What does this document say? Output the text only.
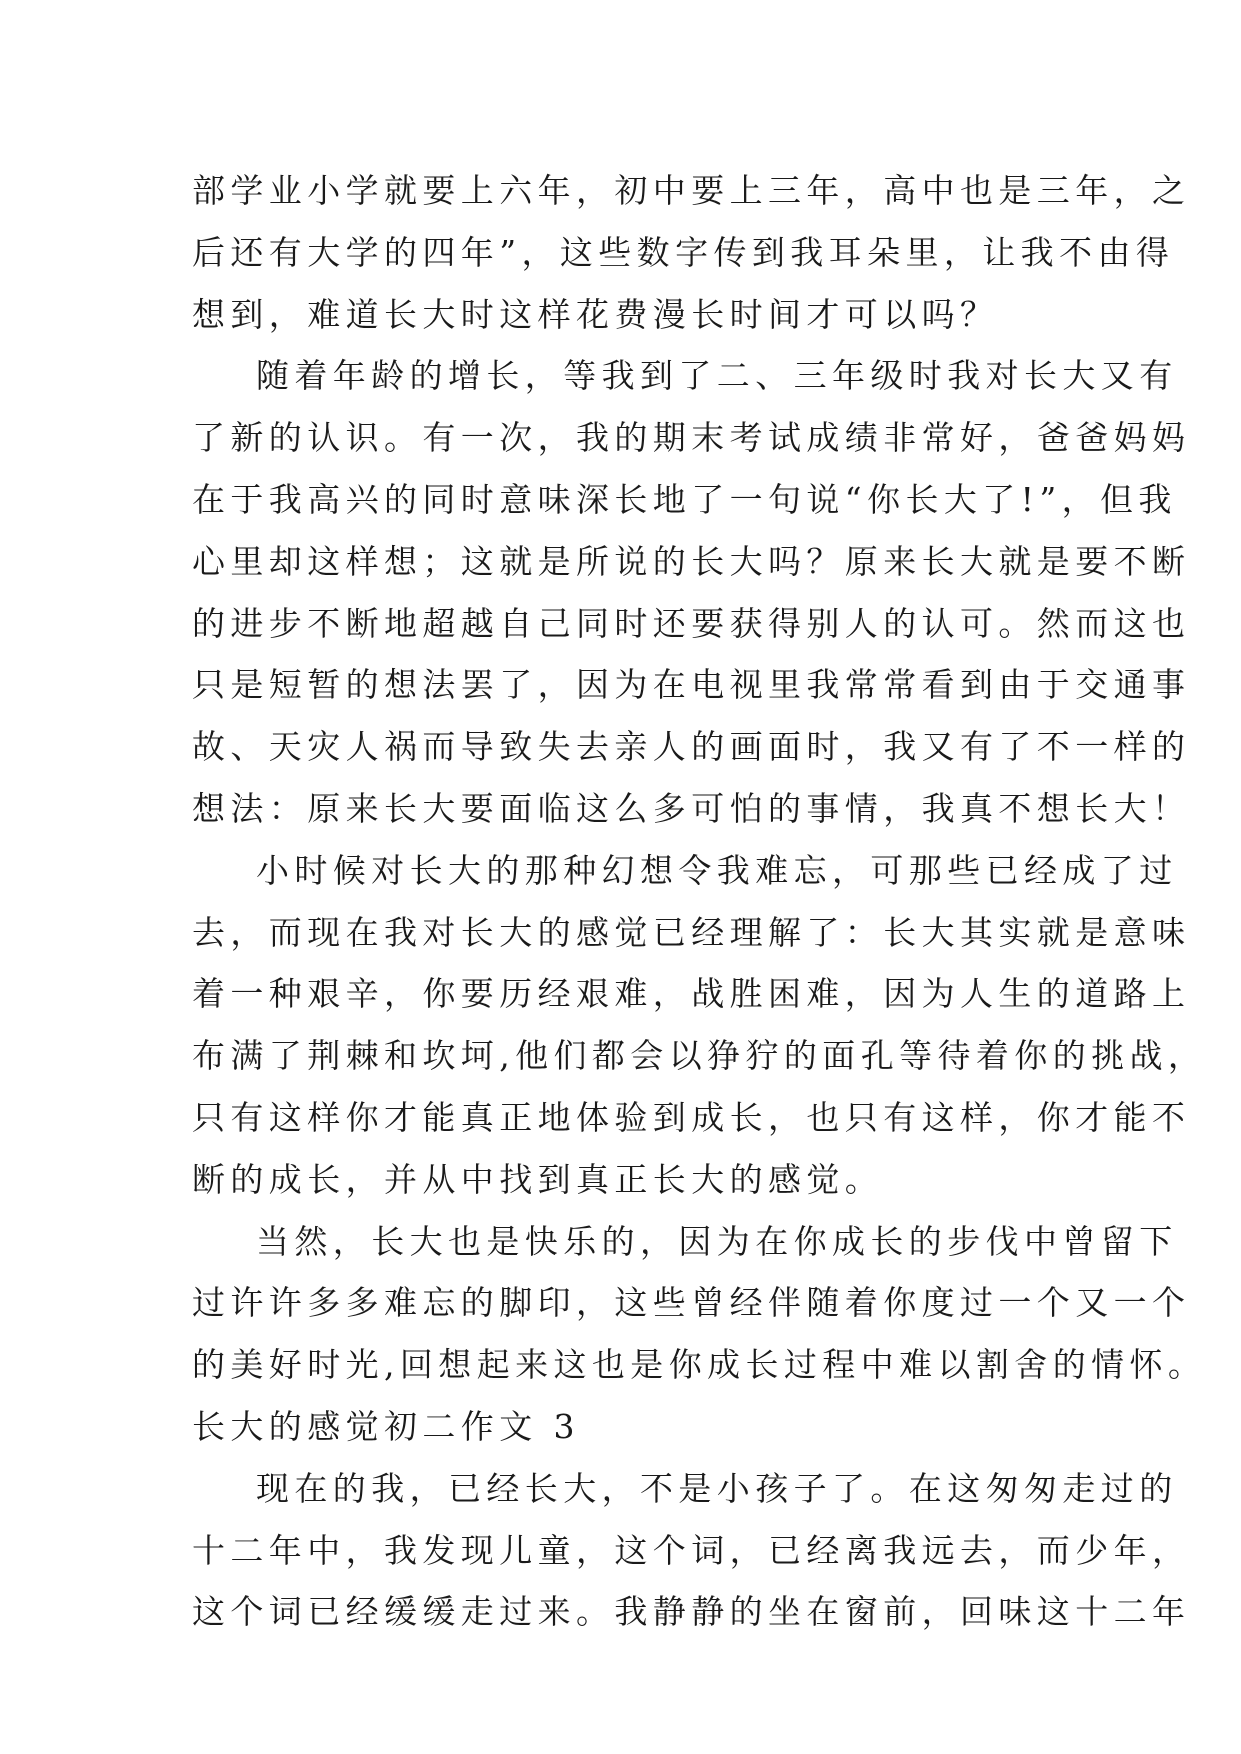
部学业小学就要上六年，初中要上三年，高中也是三年，之
后还有大学的四年”，这些数字传到我耳朵里，让我不由得
想到，难道长大时这样花费漫长时间才可以吗？
随着年龄的增长，等我到了二、三年级时我对长大又有
了新的认识。有一次，我的期末考试成绩非常好，爸爸妈妈
在于我高兴的同时意味深长地了一句说“你长大了!”，但我
心里却这样想；这就是所说的长大吗？原来长大就是要不断
的进步不断地超越自己同时还要获得别人的认可。然而这也
只是短暂的想法罢了，因为在电视里我常常看到由于交通事
故、天灾人祸而导致失去亲人的画面时，我又有了不一样的
想法：原来长大要面临这么多可怕的事情，我真不想长大！
小时候对长大的那种幻想令我难忘，可那些已经成了过
去，而现在我对长大的感觉已经理解了：长大其实就是意味
着一种艰辛，你要历经艰难，战胜困难，因为人生的道路上
布满了荆棘和坎坷,他们都会以狰狞的面孔等待着你的挑战，
只有这样你才能真正地体验到成长，也只有这样，你才能不
断的成长，并从中找到真正长大的感觉。
当然，长大也是快乐的，因为在你成长的步伐中曾留下
过许许多多难忘的脚印，这些曾经伴随着你度过一个又一个
的美好时光,回想起来这也是你成长过程中难以割舍的情怀。
长大的感觉初二作文 3
现在的我，已经长大，不是小孩子了。在这匆匆走过的
十二年中，我发现儿童，这个词，已经离我远去，而少年，
这个词已经缓缓走过来。我静静的坐在窗前，回味这十二年
